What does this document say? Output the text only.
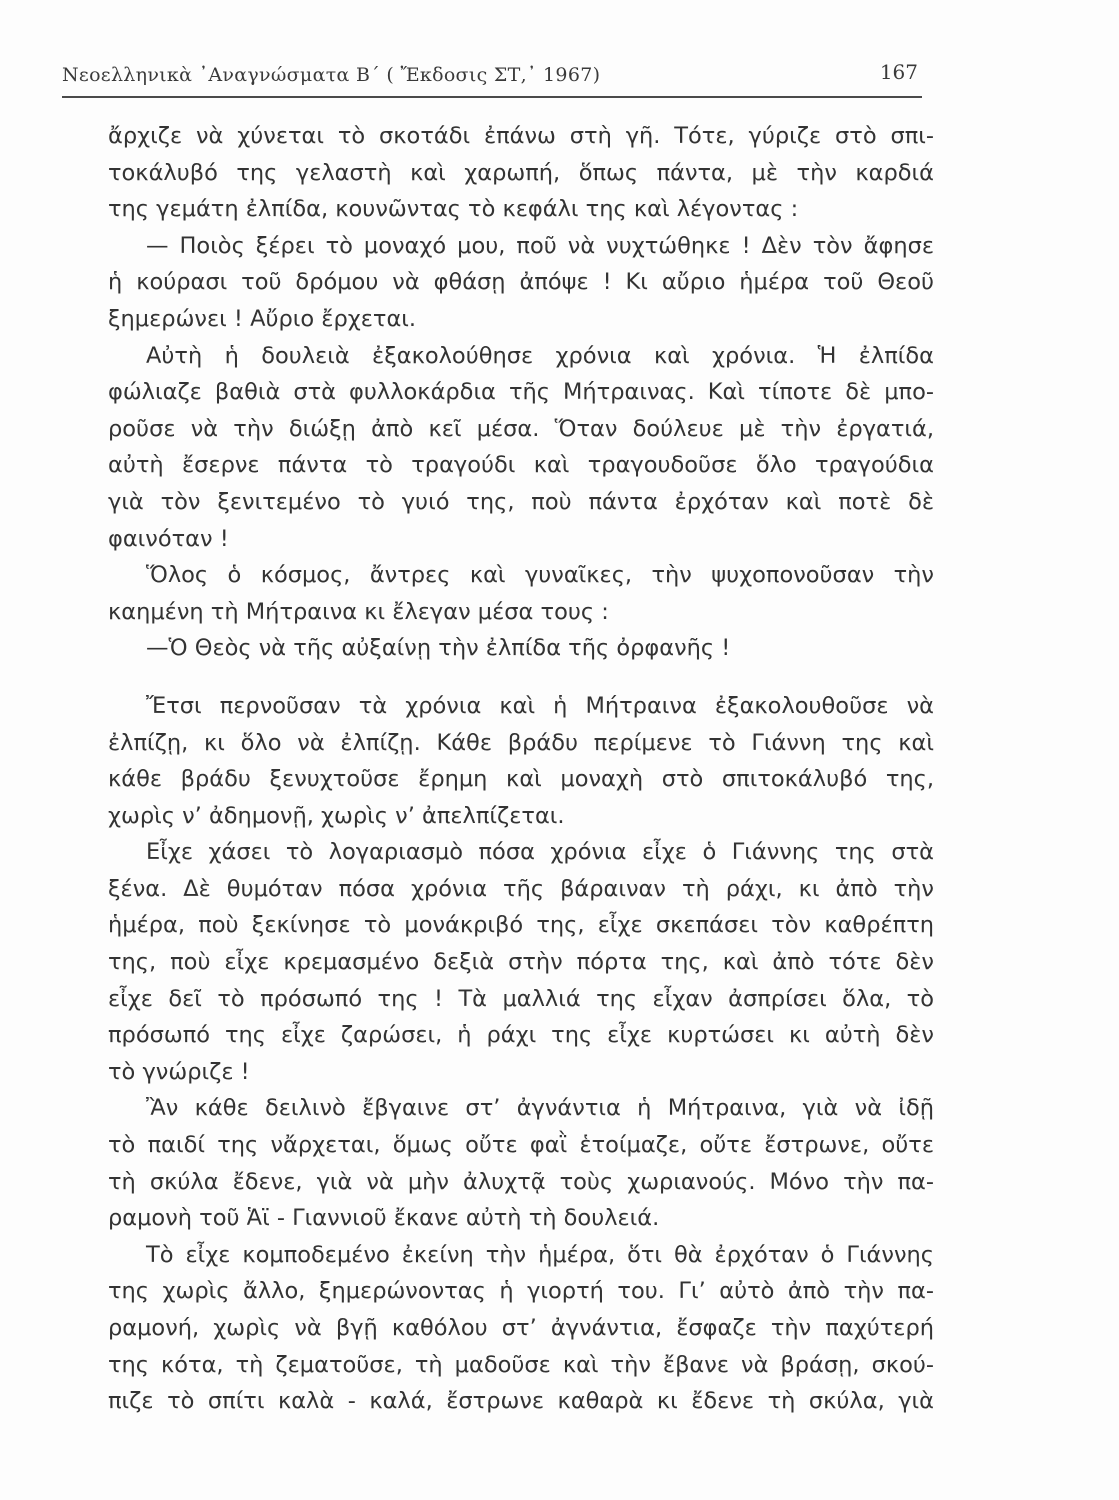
Νεοελληνικὰ ᾿Αναγνώσματα Β´ ( Ἔκδοσις ΣΤ,᾿ 1967)	167
ἄρχιζε νὰ χύνεται τὸ σκοτάδι ἐπάνω στὴ γῆ. Τότε, γύριζε στὸ σπι-
τοκάλυβό της γελαστὴ καὶ χαρωπή, ὅπως πάντα, μὲ τὴν καρδιά
της γεμάτη ἐλπίδα, κουνῶντας τὸ κεφάλι της καὶ λέγοντας :
— Ποιὸς ξέρει τὸ μοναχό μου, ποῦ νὰ νυχτώθηκε ! Δὲν τὸν ἄφησε
ἡ κούρασι τοῦ δρόμου νὰ φθάσῃ ἀπόψε ! Κι αὔριο ἡμέρα τοῦ Θεοῦ
ξημερώνει ! Αὔριο ἔρχεται.
Αὐτὴ ἡ δουλειὰ ἐξακολούθησε χρόνια καὶ χρόνια. Ἡ ἐλπίδα
φώλιαζε βαθιὰ στὰ φυλλοκάρδια τῆς Μήτραινας. Καὶ τίποτε δὲ μπο-
ροῦσε νὰ τὴν διώξῃ ἀπὸ κεῖ μέσα. Ὅταν δούλευε μὲ τὴν ἐργατιά,
αὐτὴ ἔσερνε πάντα τὸ τραγούδι καὶ τραγουδοῦσε ὅλο τραγούδια
γιὰ τὸν ξενιτεμένο τὸ γυιό της, ποὺ πάντα ἐρχόταν καὶ ποτὲ δὲ
φαινόταν !
Ὅλος ὁ κόσμος, ἄντρες καὶ γυναῖκες, τὴν ψυχοπονοῦσαν τὴν
καημένη τὴ Μήτραινα κι ἔλεγαν μέσα τους :
—Ὁ Θεὸς νὰ τῆς αὐξαίνῃ τὴν ἐλπίδα τῆς ὀρφανῆς !
Ἔτσι περνοῦσαν τὰ χρόνια καὶ ἡ Μήτραινα ἐξακολουθοῦσε νὰ
ἐλπίζῃ, κι ὅλο νὰ ἐλπίζῃ. Κάθε βράδυ περίμενε τὸ Γιάννη της καὶ
κάθε βράδυ ξενυχτοῦσε ἔρημη καὶ μοναχὴ στὸ σπιτοκάλυβό της,
χωρὶς ν’ ἀδημονῇ, χωρὶς ν’ ἀπελπίζεται.
Εἶχε χάσει τὸ λογαριασμὸ πόσα χρόνια εἶχε ὁ Γιάννης της στὰ
ξένα. Δὲ θυμόταν πόσα χρόνια τῆς βάραιναν τὴ ράχι, κι ἀπὸ τὴν
ἡμέρα, ποὺ ξεκίνησε τὸ μονάκριβό της, εἶχε σκεπάσει τὸν καθρέπτη
της, ποὺ εἶχε κρεμασμένο δεξιὰ στὴν πόρτα της, καὶ ἀπὸ τότε δὲν
εἶχε δεῖ τὸ πρόσωπό της ! Τὰ μαλλιά της εἶχαν ἀσπρίσει ὅλα, τὸ
πρόσωπό της εἶχε ζαρώσει, ἡ ράχι της εἶχε κυρτώσει κι αὐτὴ δὲν
τὸ γνώριζε !
Ἂν κάθε δειλινὸ ἔβγαινε στ’ ἀγνάντια ἡ Μήτραινα, γιὰ νὰ ἰδῇ
τὸ παιδί της νἄρχεται, ὅμως οὔτε φαῒ ἑτοίμαζε, οὔτε ἔστρωνε, οὔτε
τὴ σκύλα ἔδενε, γιὰ νὰ μὴν ἀλυχτᾷ τοὺς χωριανούς. Μόνο τὴν πα-
ραμονὴ τοῦ Ἁϊ - Γιαννιοῦ ἔκανε αὐτὴ τὴ δουλειά.
Τὸ εἶχε κομποδεμένο ἐκείνη τὴν ἡμέρα, ὅτι θὰ ἐρχόταν ὁ Γιάννης
της χωρὶς ἄλλο, ξημερώνοντας ἡ γιορτή του. Γι’ αὐτὸ ἀπὸ τὴν πα-
ραμονή, χωρὶς νὰ βγῇ καθόλου στ’ ἀγνάντια, ἔσφαζε τὴν παχύτερή
της κότα, τὴ ζεματοῦσε, τὴ μαδοῦσε καὶ τὴν ἔβανε νὰ βράσῃ, σκού-
πιζε τὸ σπίτι καλὰ - καλά, ἔστρωνε καθαρὰ κι ἔδενε τὴ σκύλα, γιὰ
